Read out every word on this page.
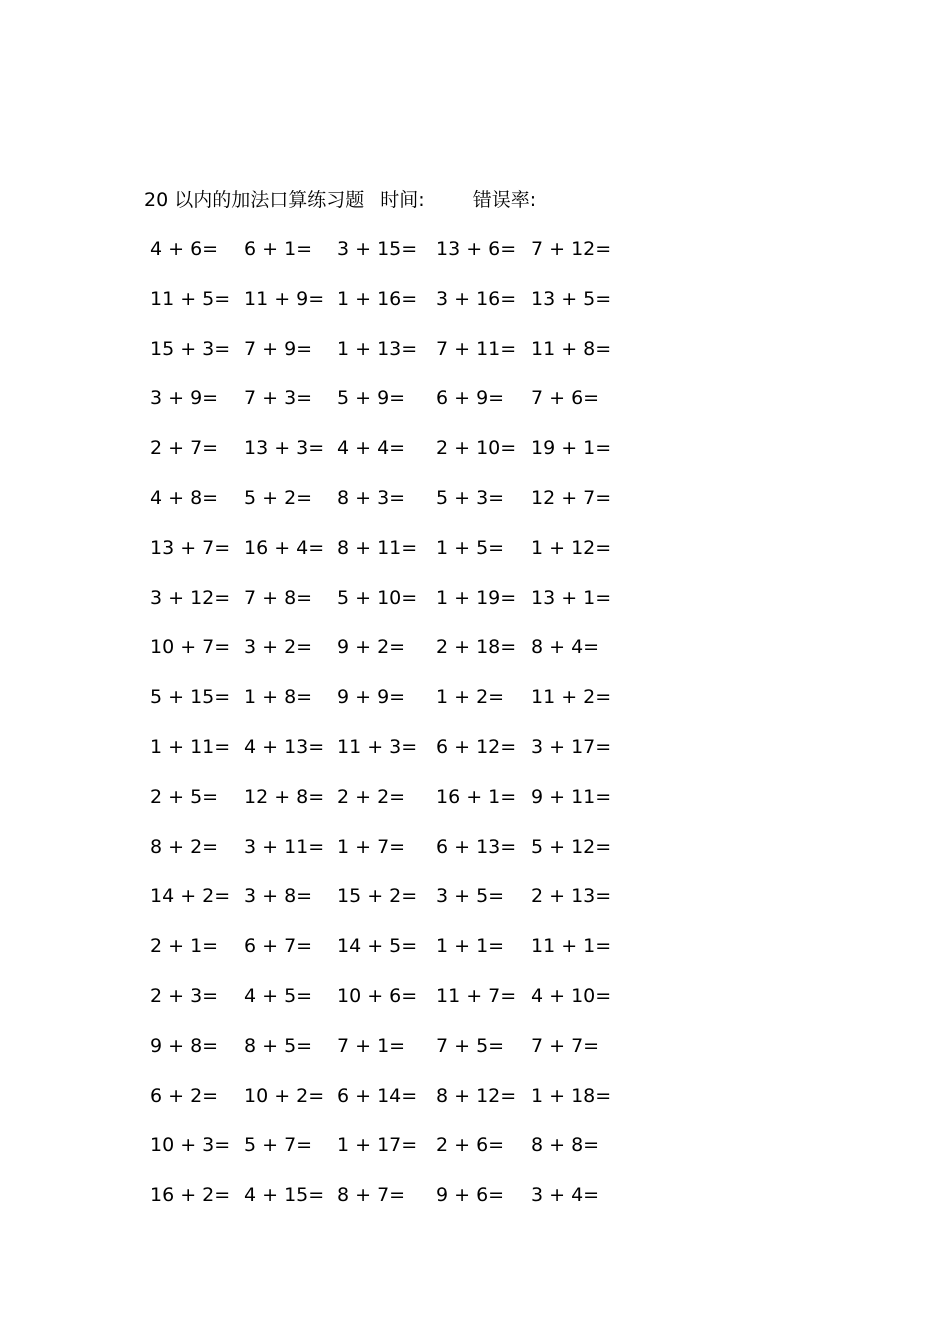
20 以内的加法口算练习题 时间:	错误率:
4 + 6= 6 + 1= 3 + 15= 13 + 6= 7 + 12=
11 + 5= 11 + 9= 1 + 16= 3 + 16= 13 + 5=
15 + 3= 7 + 9= 1 + 13= 7 + 11= 11 + 8=
3 + 9= 7 + 3= 5 + 9= 6 + 9= 7 + 6=
2 + 7= 13 + 3= 4 + 4= 2 + 10= 19 + 1=
4 + 8= 5 + 2= 8 + 3= 5 + 3= 12 + 7=
13 + 7= 16 + 4= 8 + 11= 1 + 5= 1 + 12=
3 + 12= 7 + 8= 5 + 10= 1 + 19= 13 + 1=
10 + 7= 3 + 2= 9 + 2= 2 + 18= 8 + 4=
5 + 15= 1 + 8= 9 + 9= 1 + 2= 11 + 2=
1 + 11= 4 + 13= 11 + 3= 6 + 12= 3 + 17=
2 + 5= 12 + 8= 2 + 2= 16 + 1= 9 + 11=
8 + 2= 3 + 11= 1 + 7= 6 + 13= 5 + 12=
14 + 2= 3 + 8= 15 + 2= 3 + 5= 2 + 13=
2 + 1= 6 + 7= 14 + 5= 1 + 1= 11 + 1=
2 + 3= 4 + 5= 10 + 6= 11 + 7= 4 + 10=
9 + 8= 8 + 5= 7 + 1= 7 + 5= 7 + 7=
6 + 2= 10 + 2= 6 + 14= 8 + 12= 1 + 18=
10 + 3= 5 + 7= 1 + 17= 2 + 6= 8 + 8=
16 + 2= 4 + 15= 8 + 7= 9 + 6= 3 + 4=
